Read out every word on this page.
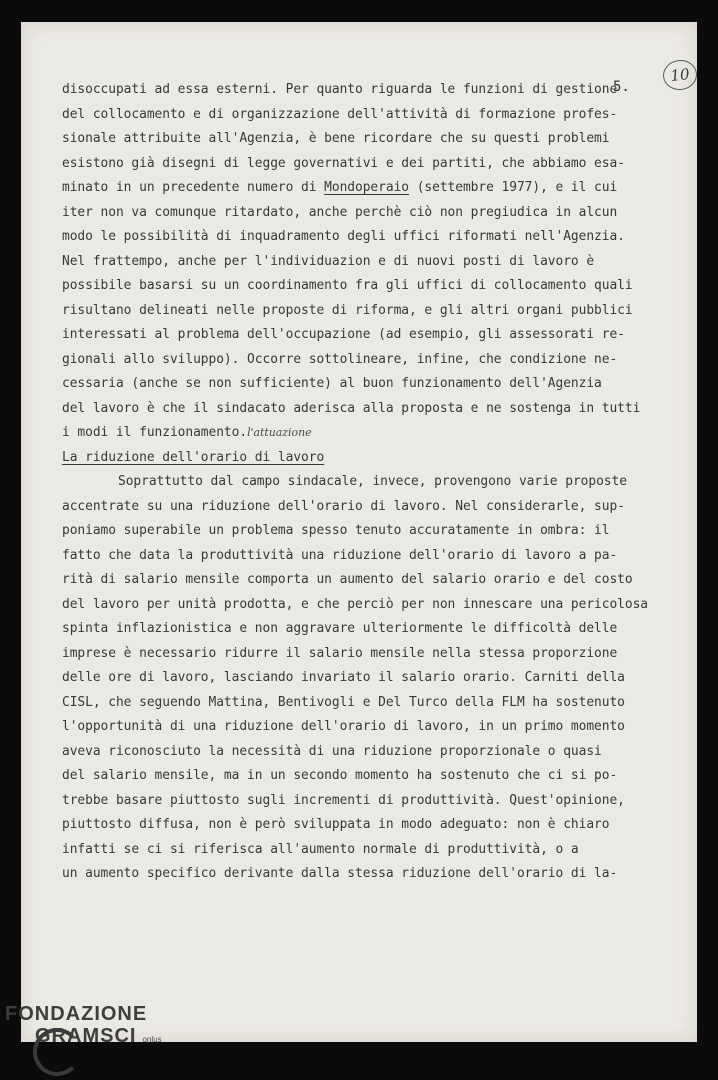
10
5.
disoccupati ad essa esterni. Per quanto riguarda le funzioni di gestione
del collocamento e di organizzazione dell'attività di formazione profes-
sionale attribuite all'Agenzia, è bene ricordare che su questi problemi
esistono già disegni di legge governativi e dei partiti, che abbiamo esa-
minato in un precedente numero di Mondoperaio (settembre 1977), e il cui
iter non va comunque ritardato, anche perchè ciò non pregiudica in alcun
modo le possibilità di inquadramento degli uffici riformati nell'Agenzia.
Nel frattempo, anche per l'individuazion e di nuovi posti di lavoro è
possibile basarsi su un coordinamento fra gli uffici di collocamento quali
risultano delineati nelle proposte di riforma, e gli altri organi pubblici
interessati al problema dell'occupazione (ad esempio, gli assessorati re-
gionali allo sviluppo). Occorre sottolineare, infine, che condizione ne-
cessaria (anche se non sufficiente) al buon funzionamento dell'Agenzia
del lavoro è che il sindacato aderisca alla proposta e ne sostenga in tutti
i modi il funzionamento.l'attuazione
La riduzione dell'orario di lavoro
Soprattutto dal campo sindacale, invece, provengono varie proposte
accentrate su una riduzione dell'orario di lavoro. Nel considerarle, sup-
poniamo superabile un problema spesso tenuto accuratamente in ombra: il
fatto che data la produttività una riduzione dell'orario di lavoro a pa-
rità di salario mensile comporta un aumento del salario orario e del costo
del lavoro per unità prodotta, e che perciò per non innescare una pericolosa
spinta inflazionistica e non aggravare ulteriormente le difficoltà delle
imprese è necessario ridurre il salario mensile nella stessa proporzione
delle ore di lavoro, lasciando invariato il salario orario. Carniti della
CISL, che seguendo Mattina, Bentivogli e Del Turco della FLM ha sostenuto
l'opportunità di una riduzione dell'orario di lavoro, in un primo momento
aveva riconosciuto la necessità di una riduzione proporzionale o quasi
del salario mensile, ma in un secondo momento ha sostenuto che ci si po-
trebbe basare piuttosto sugli incrementi di produttività. Quest'opinione,
piuttosto diffusa, non è però sviluppata in modo adeguato: non è chiaro
infatti se ci si riferisca all'aumento normale di produttività, o a
un aumento specifico derivante dalla stessa riduzione dell'orario di la-
FONDAZIONE
GRAMSCI onlus
